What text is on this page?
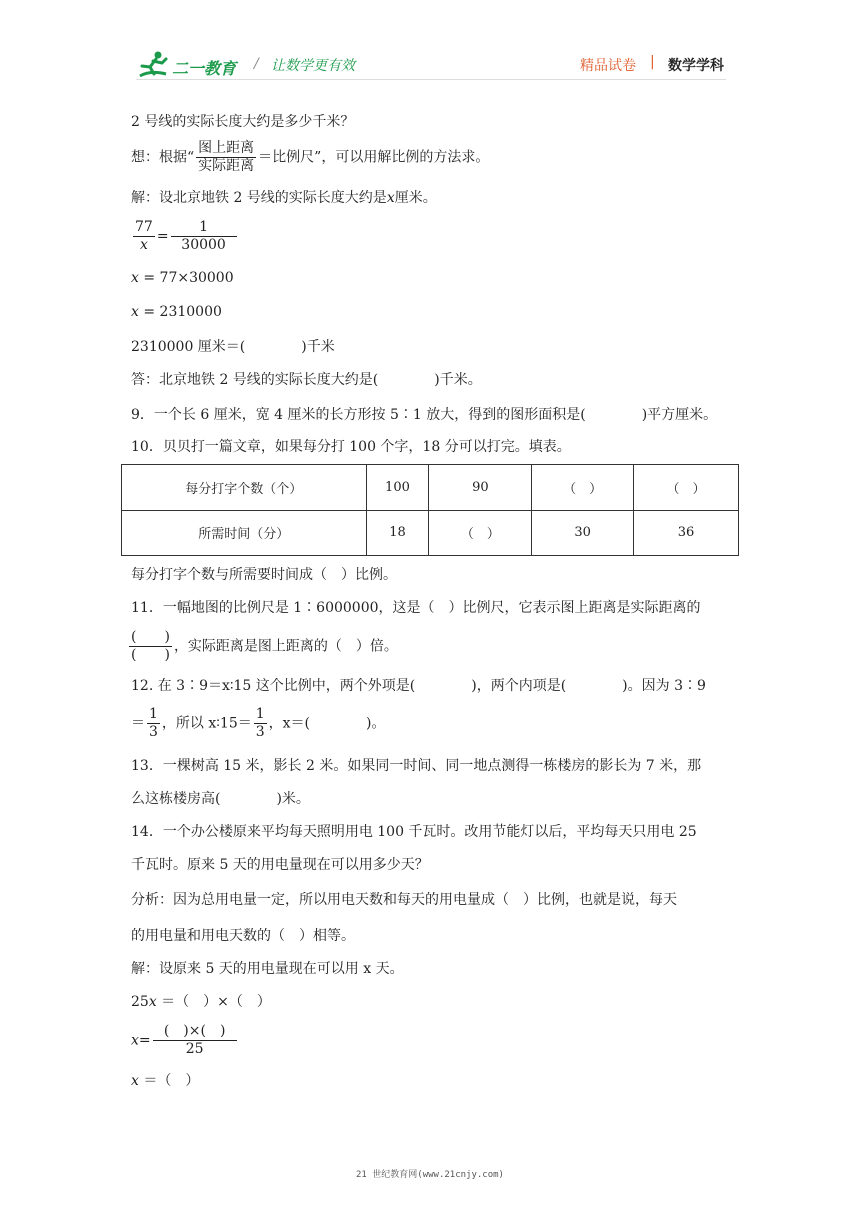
二一教育 / 让数学更有效	精品试卷 | 数学学科
2 号线的实际长度大约是多少千米？
想：根据“ $\frac{\text{图上距离}}{\text{实际距离}}$ ＝比例尺”，可以用解比例的方法求。
解：设北京地铁 2 号线的实际长度大约是x厘米。
$\frac{77}{x} = \frac{1}{30000}$
x = 77×30000
x = 2310000
2310000 厘米＝(　　　　)千米
答：北京地铁 2 号线的实际长度大约是(　　　　)千米。
9．一个长 6 厘米，宽 4 厘米的长方形按 5∶1 放大，得到的图形面积是(　　　　)平方厘米。
10．贝贝打一篇文章，如果每分打 100 个字，18 分可以打完。填表。
每分打字个数（个）	100	90	（　）	（　）
所需时间（分）	18	（　）	30	36
每分打字个数与所需要时间成（　）比例。
11．一幅地图的比例尺是 1∶6000000，这是（　）比例尺，它表示图上距离是实际距离的
$\frac{( )}{( )}$ ，实际距离是图上距离的（　）倍。
12. 在 3∶9＝x∶15 这个比例中，两个外项是(　　　　)，两个内项是(　　　　)。因为 3∶9
＝ $\frac{1}{3}$ ，所以 x∶15＝ $\frac{1}{3}$ ，x＝(　　　　)。
13．一棵树高 15 米，影长 2 米。如果同一时间、同一地点测得一栋楼房的影长为 7 米，那
么这栋楼房高(　　　　)米。
14．一个办公楼原来平均每天照明用电 100 千瓦时。改用节能灯以后，平均每天只用电 25
千瓦时。原来 5 天的用电量现在可以用多少天？
分析：因为总用电量一定，所以用电天数和每天的用电量成（　）比例，也就是说，每天
的用电量和用电天数的（　）相等。
解：设原来 5 天的用电量现在可以用 x 天。
25x ＝（　）×（　）
$x= \frac{( )\times( )}{25}$
x ＝（　）
21 世纪教育网(www.21cnjy.com)
